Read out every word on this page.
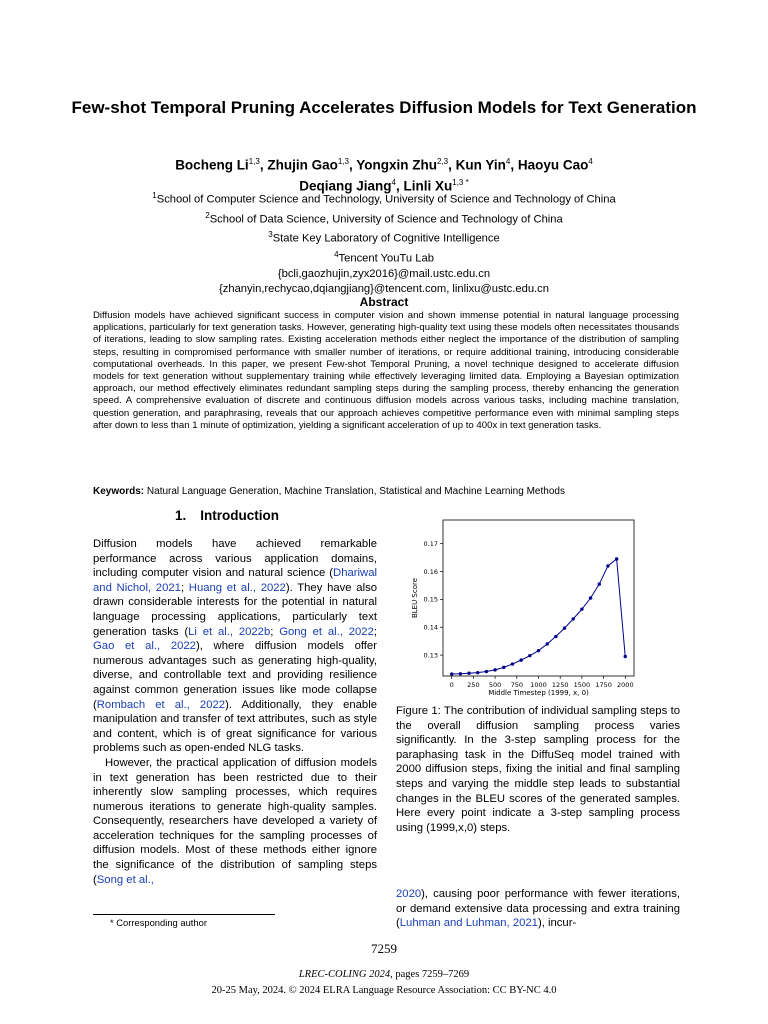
Few-shot Temporal Pruning Accelerates Diffusion Models for Text Generation
Bocheng Li$^{1,3}$, Zhujin Gao$^{1,3}$, Yongxin Zhu$^{2,3}$, Kun Yin$^4$, Haoyu Cao$^4$
Deqiang Jiang$^4$, Linli $Xu^{1,3 *}$
$^1$School of Computer Science and Technology, University of Science and Technology of China
$^2$School of Data Science, University of Science and Technology of China
$^3$State Key Laboratory of Cognitive Intelligence
$^4$Tencent YouTu Lab
{bcli,gaozhujin,zyx2016}@mail.ustc.edu.cn
{zhanyin,rechycao,dqiangjiang}@tencent.com, linlixu@ustc.edu.cn
Abstract
Diffusion models have achieved significant success in computer vision and shown immense potential in natural language processing applications, particularly for text generation tasks. However, generating high-quality text using these models often necessitates thousands of iterations, leading to slow sampling rates. Existing acceleration methods either neglect the importance of the distribution of sampling steps, resulting in compromised performance with smaller number of iterations, or require additional training, introducing considerable computational overheads. In this paper, we present Few-shot Temporal Pruning, a novel technique designed to accelerate diffusion models for text generation without supplementary training while effectively leveraging limited data. Employing a Bayesian optimization approach, our method effectively eliminates redundant sampling steps during the sampling process, thereby enhancing the generation speed. A comprehensive evaluation of discrete and continuous diffusion models across various tasks, including machine translation, question generation, and paraphrasing, reveals that our approach achieves competitive performance even with minimal sampling steps after down to less than 1 minute of optimization, yielding a significant acceleration of up to 400x in text generation tasks.
Keywords: Natural Language Generation, Machine Translation, Statistical and Machine Learning Methods
1. Introduction

Diffusion models have achieved remarkable performance across various application domains, including computer vision and natural science (Dhariwal and Nichol, 2021; Huang et al., 2022). They have also drawn considerable interests for the potential in natural language processing applications, particularly text generation tasks (Li et al., 2022b; Gong et al., 2022; Gao et al., 2022), where diffusion models offer numerous advantages such as generating high-quality, diverse, and controllable text and providing resilience against common generation issues like mode collapse (Rombach et al., 2022). Additionally, they enable manipulation and transfer of text attributes, such as style and content, which is of great significance for various problems such as open-ended NLG tasks.

However, the practical application of diffusion models in text generation has been restricted due to their inherently slow sampling processes, which requires numerous iterations to generate high-quality samples. Consequently, researchers have developed a variety of acceleration techniques for the sampling processes of diffusion models. Most of these methods either ignore the significance of the distribution of sampling steps (Song et al.,

* Corresponding author
0 250 500 750 1000 1250 1500 1750 2000
0.13
0.14
0.15
0.16
0.17
Middle Timestep (1999, x, 0)
BLEU Score
Figure 1: The contribution of individual sampling steps to the overall diffusion sampling process varies significantly. In the 3-step sampling process for the paraphasing task in the DiffuSeq model trained with 2000 diffusion steps, fixing the initial and final sampling steps and varying the middle step leads to substantial changes in the BLEU scores of the generated samples. Here every point indicate a 3-step sampling process using (1999,x,0) steps.
2020), causing poor performance with fewer iterations, or demand extensive data processing and extra training (Luhman and Luhman, 2021), incur-
7259
LREC-COLING 2024, pages 7259–7269
20-25 May, 2024. © 2024 ELRA Language Resource Association: CC BY-NC 4.0
